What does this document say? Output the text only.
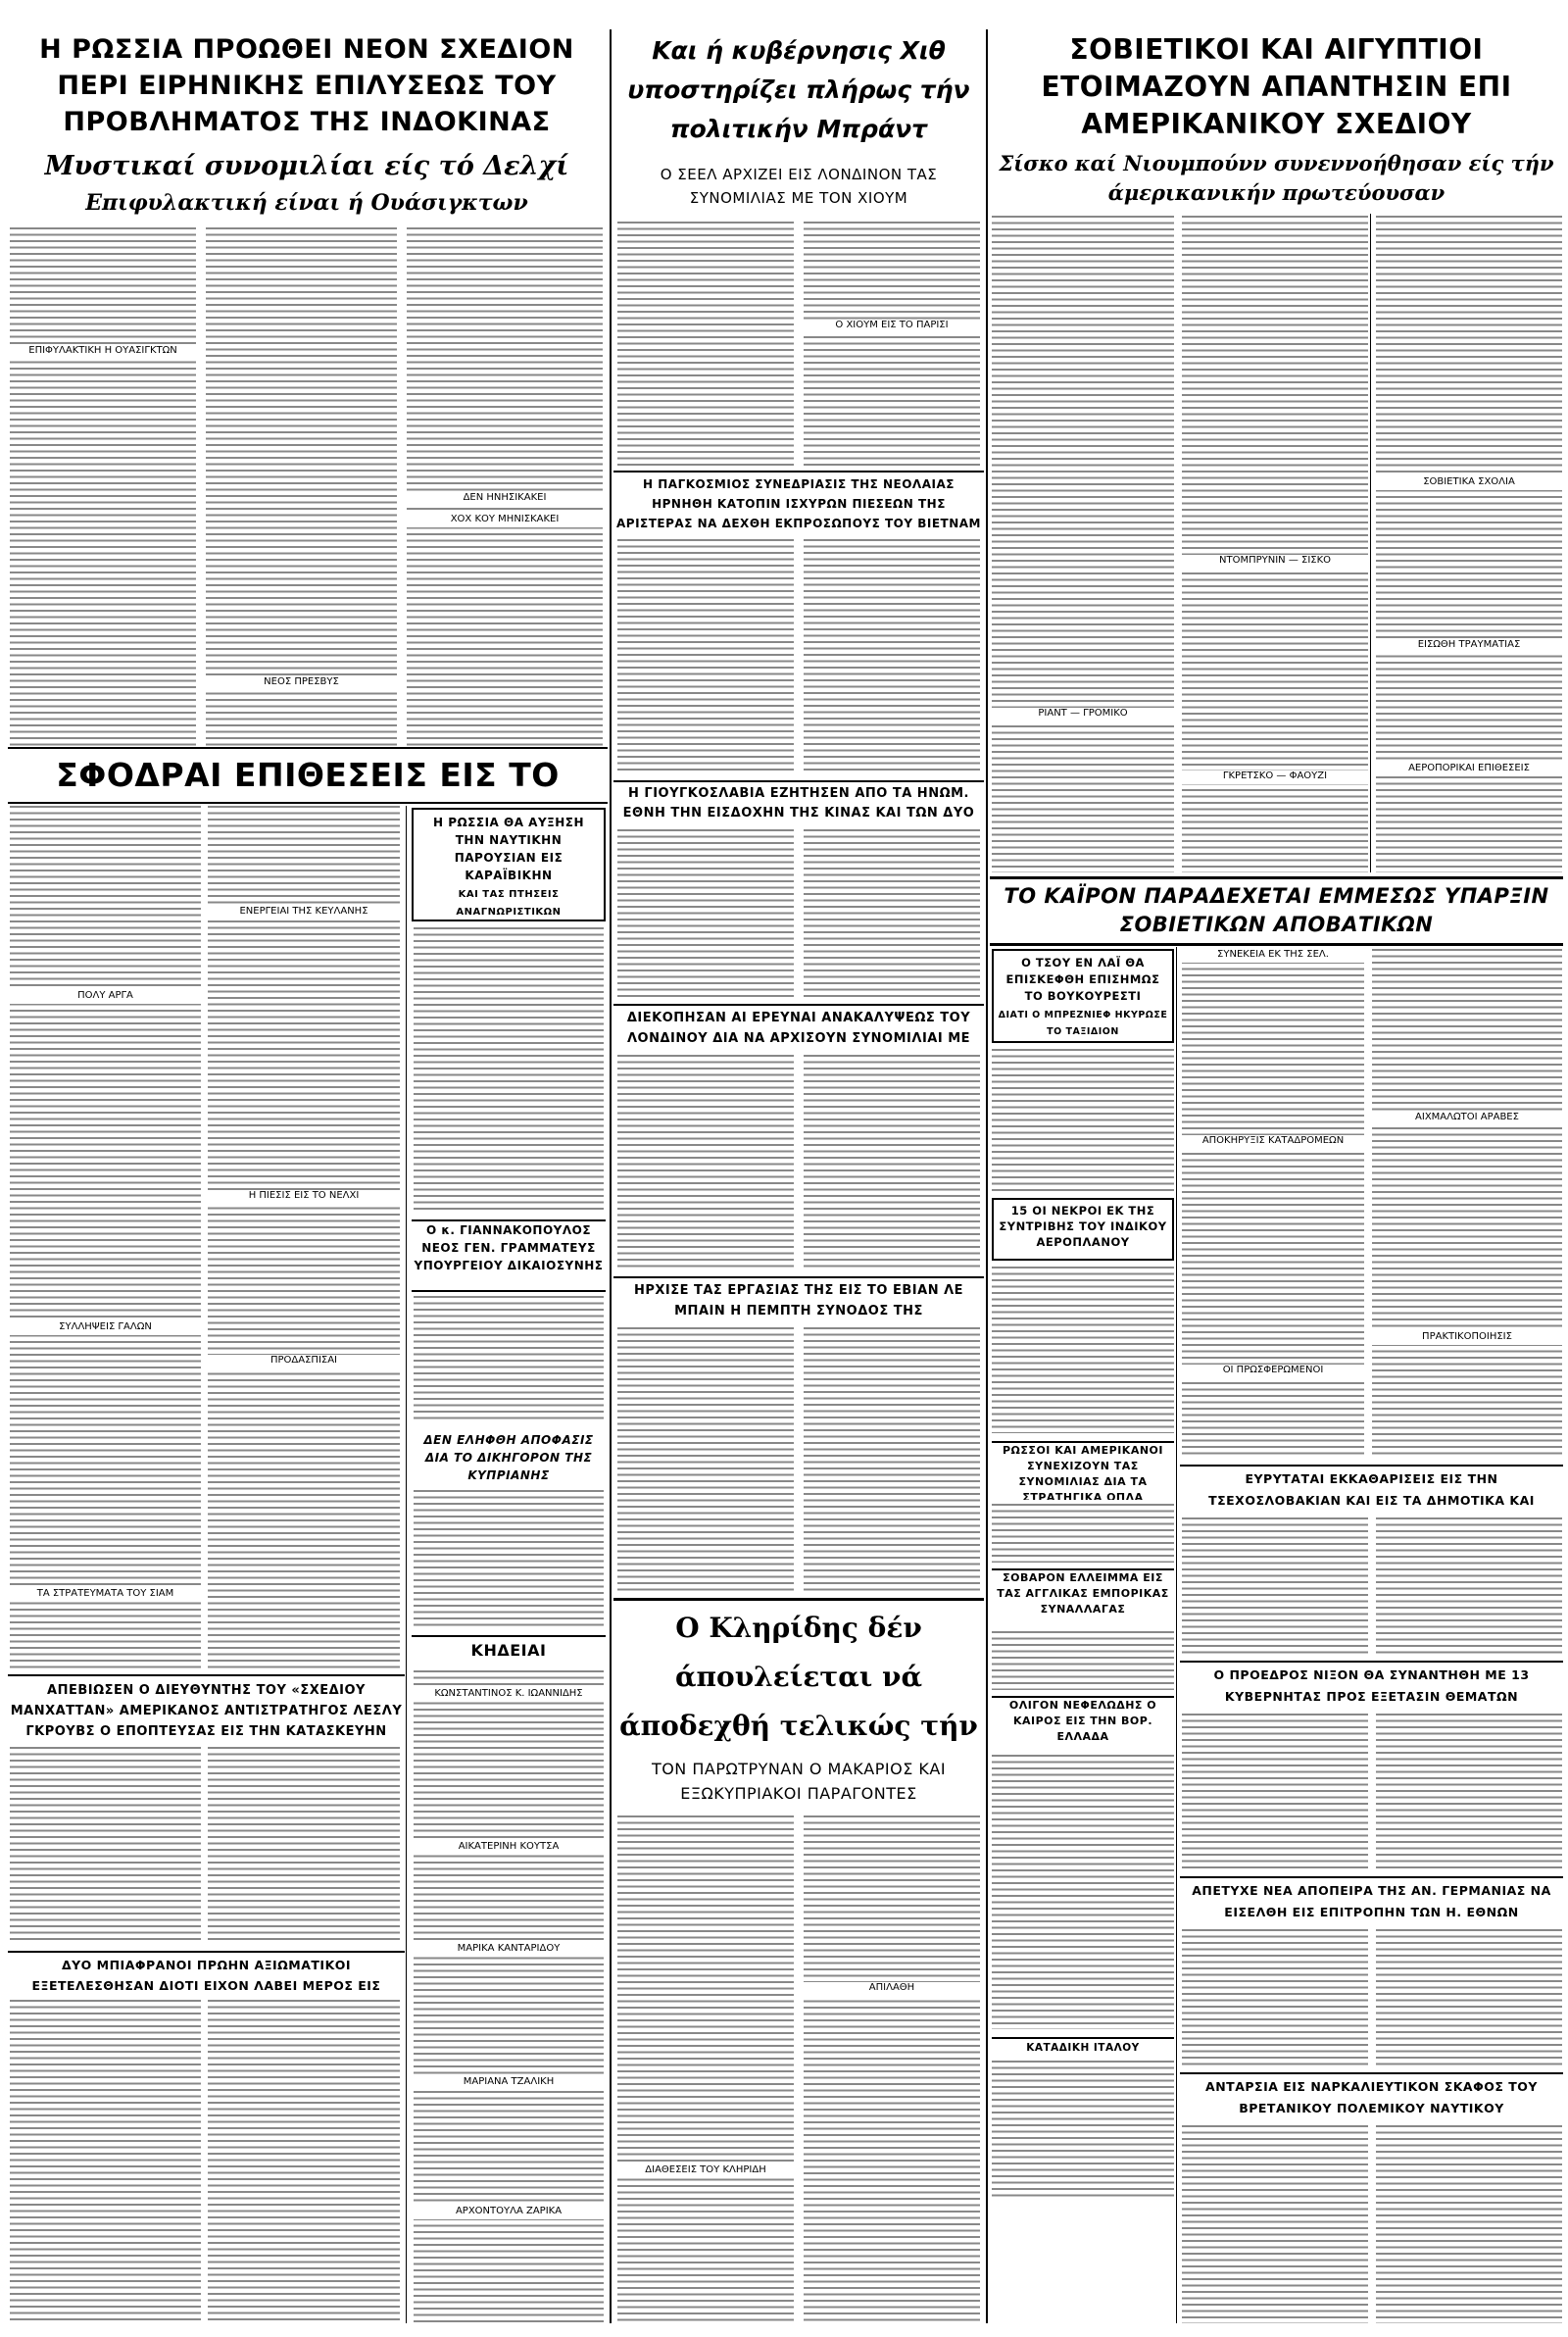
Η ΡΩΣΣΙΑ ΠΡΟΩΘΕΙ ΝΕΟΝ ΣΧΕΔΙΟΝ ΠΕΡΙ ΕΙΡΗΝΙΚΗΣ ΕΠΙΛΥΣΕΩΣ ΤΟΥ ΠΡΟΒΛΗΜΑΤΟΣ ΤΗΣ ΙΝΔΟΚΙΝΑΣ
Μυστικαί συνομιλίαι είς τό Δελχί
Επιφυλακτική είναι ή Ουάσιγκτων
ΕΠΙΦΥΛΑΚΤΙΚΗ Η ΟΥΑΣΙΓΚΤΩΝ
ΝΕΟΣ ΠΡΕΣΒΥΣ
ΔΕΝ ΗΝΗΣΙΚΑΚΕΙ
ΧΟΧ ΚΟΥ ΜΗΝΙΣΚΑΚΕΙ
ΣΦΟΔΡΑΙ ΕΠΙΘΕΣΕΙΣ ΕΙΣ ΤΟ
ΠΟΛΥ ΑΡΓΑ
ΣΥΛΛΗΨΕΙΣ ΓΑΛΩΝ
ΤΑ ΣΤΡΑΤΕΥΜΑΤΑ ΤΟΥ ΣΙΑΜ
ΕΝΕΡΓΕΙΑΙ ΤΗΣ ΚΕΥΛΑΝΗΣ
Η ΠΙΕΣΙΣ ΕΙΣ ΤΟ ΝΕΛΧΙ
ΠΡΟΔΑΣΠΙΣΑΙ
ΑΠΕΒΙΩΣΕΝ Ο ΔΙΕΥΘΥΝΤΗΣ ΤΟΥ «ΣΧΕΔΙΟΥ ΜΑΝΧΑΤΤΑΝ» ΑΜΕΡΙΚΑΝΟΣ ΑΝΤΙΣΤΡΑΤΗΓΟΣ ΛΕΣΛΥ ΓΚΡΟΥΒΣ Ο ΕΠΟΠΤΕΥΣΑΣ ΕΙΣ ΤΗΝ ΚΑΤΑΣΚΕΥΗΝ
ΔΥΟ ΜΠΙΑΦΡΑΝΟΙ ΠΡΩΗΝ ΑΞΙΩΜΑΤΙΚΟΙ ΕΞΕΤΕΛΕΣΘΗΣΑΝ ΔΙΟΤΙ ΕΙΧΟΝ ΛΑΒΕΙ ΜΕΡΟΣ ΕΙΣ
Η ΡΩΣΣΙΑ ΘΑ ΑΥΞΗΣΗ ΤΗΝ ΝΑΥΤΙΚΗΝ ΠΑΡΟΥΣΙΑΝ ΕΙΣ ΚΑΡΑΪΒΙΚΗΝ
ΚΑΙ ΤΑΣ ΠΤΗΣΕΙΣ ΑΝΑΓΝΩΡΙΣΤΙΚΩΝ
Ο κ. ΓΙΑΝΝΑΚΟΠΟΥΛΟΣ ΝΕΟΣ ΓΕΝ. ΓΡΑΜΜΑΤΕΥΣ ΥΠΟΥΡΓΕΙΟΥ ΔΙΚΑΙΟΣΥΝΗΣ
ΔΕΝ ΕΛΗΦΘΗ ΑΠΟΦΑΣΙΣ ΔΙΑ ΤΟ ΔΙΚΗΓΟΡΟΝ ΤΗΣ ΚΥΠΡΙΑΝΗΣ
ΚΗΔΕΙΑΙ
ΚΩΝΣΤΑΝΤΙΝΟΣ Κ. ΙΩΑΝΝΙΔΗΣ
ΑΙΚΑΤΕΡΙΝΗ ΚΟΥΤΣΑ
ΜΑΡΙΚΑ ΚΑΝΤΑΡΙΔΟΥ
ΜΑΡΙΑΝΑ ΤΖΑΛΙΚΗ
ΑΡΧΟΝΤΟΥΛΑ ΖΑΡΙΚΑ
Και ή κυβέρνησις Χιθ υποστηρίζει πλήρως τήν πολιτικήν Μπράντ
Ο ΣΕΕΛ ΑΡΧΙΖΕΙ ΕΙΣ ΛΟΝΔΙΝΟΝ ΤΑΣ ΣΥΝΟΜΙΛΙΑΣ ΜΕ ΤΟΝ ΧΙΟΥΜ
Ο ΧΙΟΥΜ ΕΙΣ ΤΟ ΠΑΡΙΣΙ
Η ΠΑΓΚΟΣΜΙΟΣ ΣΥΝΕΔΡΙΑΣΙΣ ΤΗΣ ΝΕΟΛΑΙΑΣ ΗΡΝΗΘΗ ΚΑΤΟΠΙΝ ΙΣΧΥΡΩΝ ΠΙΕΣΕΩΝ ΤΗΣ ΑΡΙΣΤΕΡΑΣ ΝΑ ΔΕΧΘΗ ΕΚΠΡΟΣΩΠΟΥΣ ΤΟΥ ΒΙΕΤΝΑΜ
Η ΓΙΟΥΓΚΟΣΛΑΒΙΑ ΕΖΗΤΗΣΕΝ ΑΠΟ ΤΑ ΗΝΩΜ. ΕΘΝΗ ΤΗΝ ΕΙΣΔΟΧΗΝ ΤΗΣ ΚΙΝΑΣ ΚΑΙ ΤΩΝ ΔΥΟ
ΔΙΕΚΟΠΗΣΑΝ ΑΙ ΕΡΕΥΝΑΙ ΑΝΑΚΑΛΥΨΕΩΣ ΤΟΥ ΛΟΝΔΙΝΟΥ ΔΙΑ ΝΑ ΑΡΧΙΣΟΥΝ ΣΥΝΟΜΙΛΙΑΙ ΜΕ
ΗΡΧΙΣΕ ΤΑΣ ΕΡΓΑΣΙΑΣ ΤΗΣ ΕΙΣ ΤΟ ΕΒΙΑΝ ΛΕ ΜΠΑΙΝ Η ΠΕΜΠΤΗ ΣΥΝΟΔΟΣ ΤΗΣ
Ο Κληρίδης δέν άπουλείεται νά άποδεχθή τελικώς τήν
ΤΟΝ ΠΑΡΩΤΡΥΝΑΝ Ο ΜΑΚΑΡΙΟΣ ΚΑΙ ΕΞΩΚΥΠΡΙΑΚΟΙ ΠΑΡΑΓΟΝΤΕΣ
ΑΠΙΛΑΘΗ
ΔΙΑΘΕΣΕΙΣ ΤΟΥ ΚΛΗΡΙΔΗ
ΣΟΒΙΕΤΙΚΟΙ ΚΑΙ ΑΙΓΥΠΤΙΟΙ ΕΤΟΙΜΑΖΟΥΝ ΑΠΑΝΤΗΣΙΝ ΕΠΙ ΑΜΕΡΙΚΑΝΙΚΟΥ ΣΧΕΔΙΟΥ
Σίσκο καί Νιουμπούνν συνεννοήθησαν είς τήν άμερικανικήν πρωτεύουσαν
ΡΙΑΝΤ — ΓΡΟΜΙΚΟ
ΝΤΟΜΠΡΥΝΙΝ — ΣΙΣΚΟ
ΓΚΡΕΤΣΚΟ — ΦΑΟΥΖΙ
ΣΟΒΙΕΤΙΚΑ ΣΧΟΛΙΑ
ΕΙΣΩΘΗ ΤΡΑΥΜΑΤΙΑΣ
ΑΕΡΟΠΟΡΙΚΑΙ ΕΠΙΘΕΣΕΙΣ
ΤΟ ΚΑΪΡΟΝ ΠΑΡΑΔΕΧΕΤΑΙ ΕΜΜΕΣΩΣ ΥΠΑΡΞΙΝ ΣΟΒΙΕΤΙΚΩΝ ΑΠΟΒΑΤΙΚΩΝ
Ο ΤΣΟΥ ΕΝ ΛΑΪ ΘΑ ΕΠΙΣΚΕΦΘΗ ΕΠΙΣΗΜΩΣ ΤΟ ΒΟΥΚΟΥΡΕΣΤΙ
ΔΙΑΤΙ Ο ΜΠΡΕΖΝΙΕΦ ΗΚΥΡΩΣΕ ΤΟ ΤΑΞΙΔΙΟΝ
15 ΟΙ ΝΕΚΡΟΙ ΕΚ ΤΗΣ ΣΥΝΤΡΙΒΗΣ ΤΟΥ ΙΝΔΙΚΟΥ ΑΕΡΟΠΛΑΝΟΥ
ΡΩΣΣΟΙ ΚΑΙ ΑΜΕΡΙΚΑΝΟΙ ΣΥΝΕΧΙΖΟΥΝ ΤΑΣ ΣΥΝΟΜΙΛΙΑΣ ΔΙΑ ΤΑ ΣΤΡΑΤΗΓΙΚΑ ΟΠΛΑ
ΣΟΒΑΡΟΝ ΕΛΛΕΙΜΜΑ ΕΙΣ ΤΑΣ ΑΓΓΛΙΚΑΣ ΕΜΠΟΡΙΚΑΣ ΣΥΝΑΛΛΑΓΑΣ
ΟΛΙΓΟΝ ΝΕΦΕΛΩΔΗΣ Ο ΚΑΙΡΟΣ ΕΙΣ ΤΗΝ ΒΟΡ. ΕΛΛΑΔΑ
ΚΑΤΑΔΙΚΗ ΙΤΑΛΟΥ
ΣΥΝΕΚΕΙΑ ΕΚ ΤΗΣ ΣΕΛ.
ΑΠΟΚΗΡΥΞΙΣ ΚΑΤΑΔΡΟΜΕΩΝ
ΑΙΧΜΑΛΩΤΟΙ ΑΡΑΒΕΣ
ΟΙ ΠΡΩΣΦΕΡΩΜΕΝΟΙ
ΠΡΑΚΤΙΚΟΠΟΙΗΣΙΣ
ΕΥΡΥΤΑΤΑΙ ΕΚΚΑΘΑΡΙΣΕΙΣ ΕΙΣ ΤΗΝ ΤΣΕΧΟΣΛΟΒΑΚΙΑΝ ΚΑΙ ΕΙΣ ΤΑ ΔΗΜΟΤΙΚΑ ΚΑΙ
Ο ΠΡΟΕΔΡΟΣ ΝΙΞΟΝ ΘΑ ΣΥΝΑΝΤΗΘΗ ΜΕ 13 ΚΥΒΕΡΝΗΤΑΣ ΠΡΟΣ ΕΞΕΤΑΣΙΝ ΘΕΜΑΤΩΝ
ΑΠΕΤΥΧΕ ΝΕΑ ΑΠΟΠΕΙΡΑ ΤΗΣ ΑΝ. ΓΕΡΜΑΝΙΑΣ ΝΑ ΕΙΣΕΛΘΗ ΕΙΣ ΕΠΙΤΡΟΠΗΝ ΤΩΝ Η. ΕΘΝΩΝ
ΑΝΤΑΡΣΙΑ ΕΙΣ ΝΑΡΚΑΛΙΕΥΤΙΚΟΝ ΣΚΑΦΟΣ ΤΟΥ ΒΡΕΤΑΝΙΚΟΥ ΠΟΛΕΜΙΚΟΥ ΝΑΥΤΙΚΟΥ
